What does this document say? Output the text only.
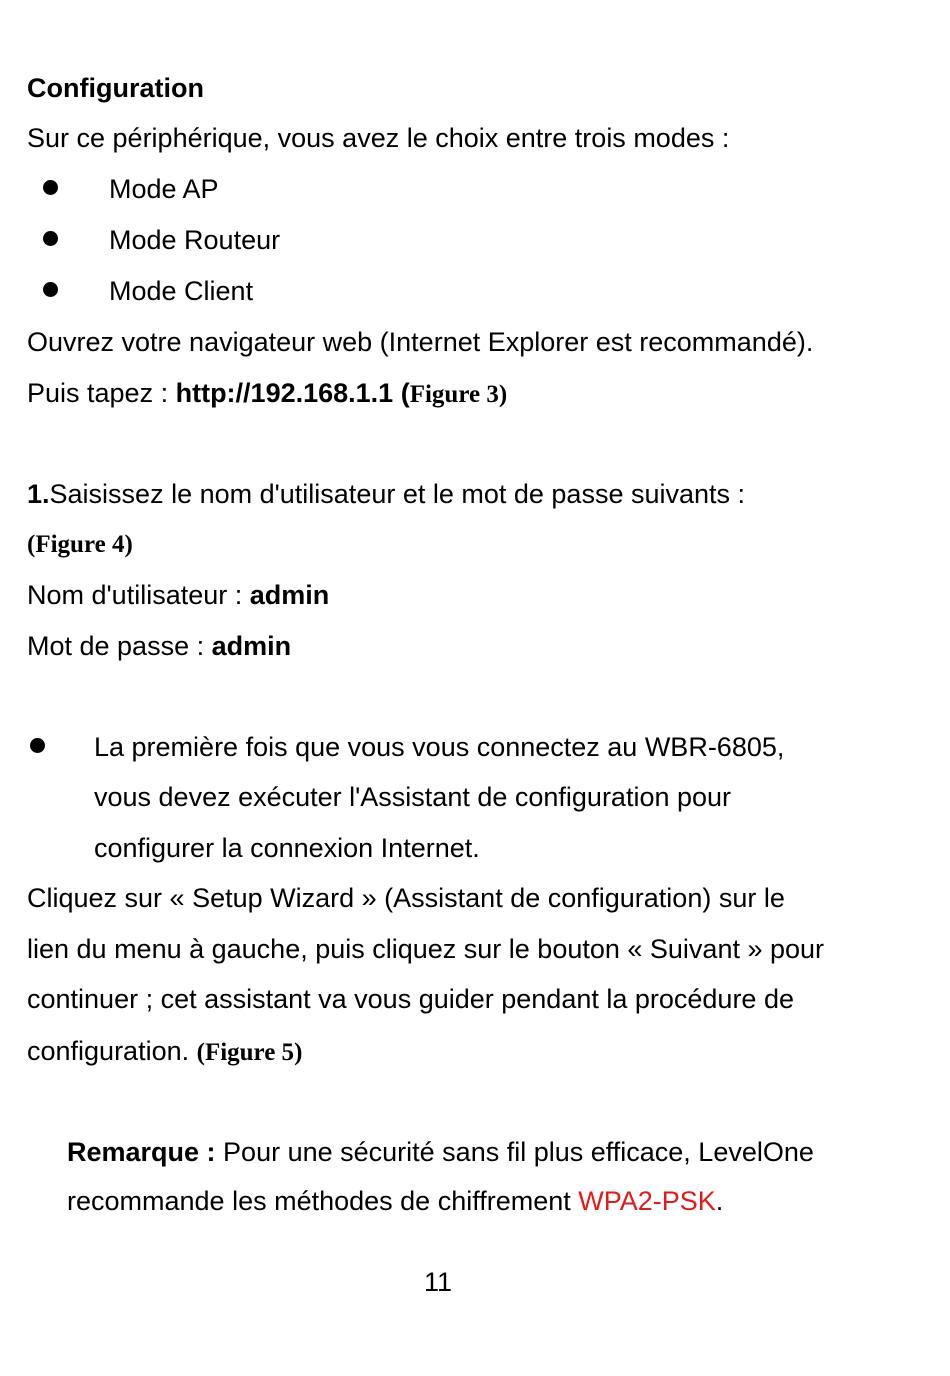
Configuration
Sur ce périphérique, vous avez le choix entre trois modes :
Mode AP
Mode Routeur
Mode Client
Ouvrez votre navigateur web (Internet Explorer est recommandé).
Puis tapez : http://192.168.1.1 (Figure 3)
1.Saisissez le nom d'utilisateur et le mot de passe suivants :
(Figure 4)
Nom d'utilisateur : admin
Mot de passe : admin
La première fois que vous vous connectez au WBR-6805,
vous devez exécuter l'Assistant de configuration pour
configurer la connexion Internet.
Cliquez sur « Setup Wizard » (Assistant de configuration) sur le
lien du menu à gauche, puis cliquez sur le bouton « Suivant » pour
continuer ; cet assistant va vous guider pendant la procédure de
configuration. (Figure 5)
Remarque : Pour une sécurité sans fil plus efficace, LevelOne
recommande les méthodes de chiffrement WPA2-PSK.
11
